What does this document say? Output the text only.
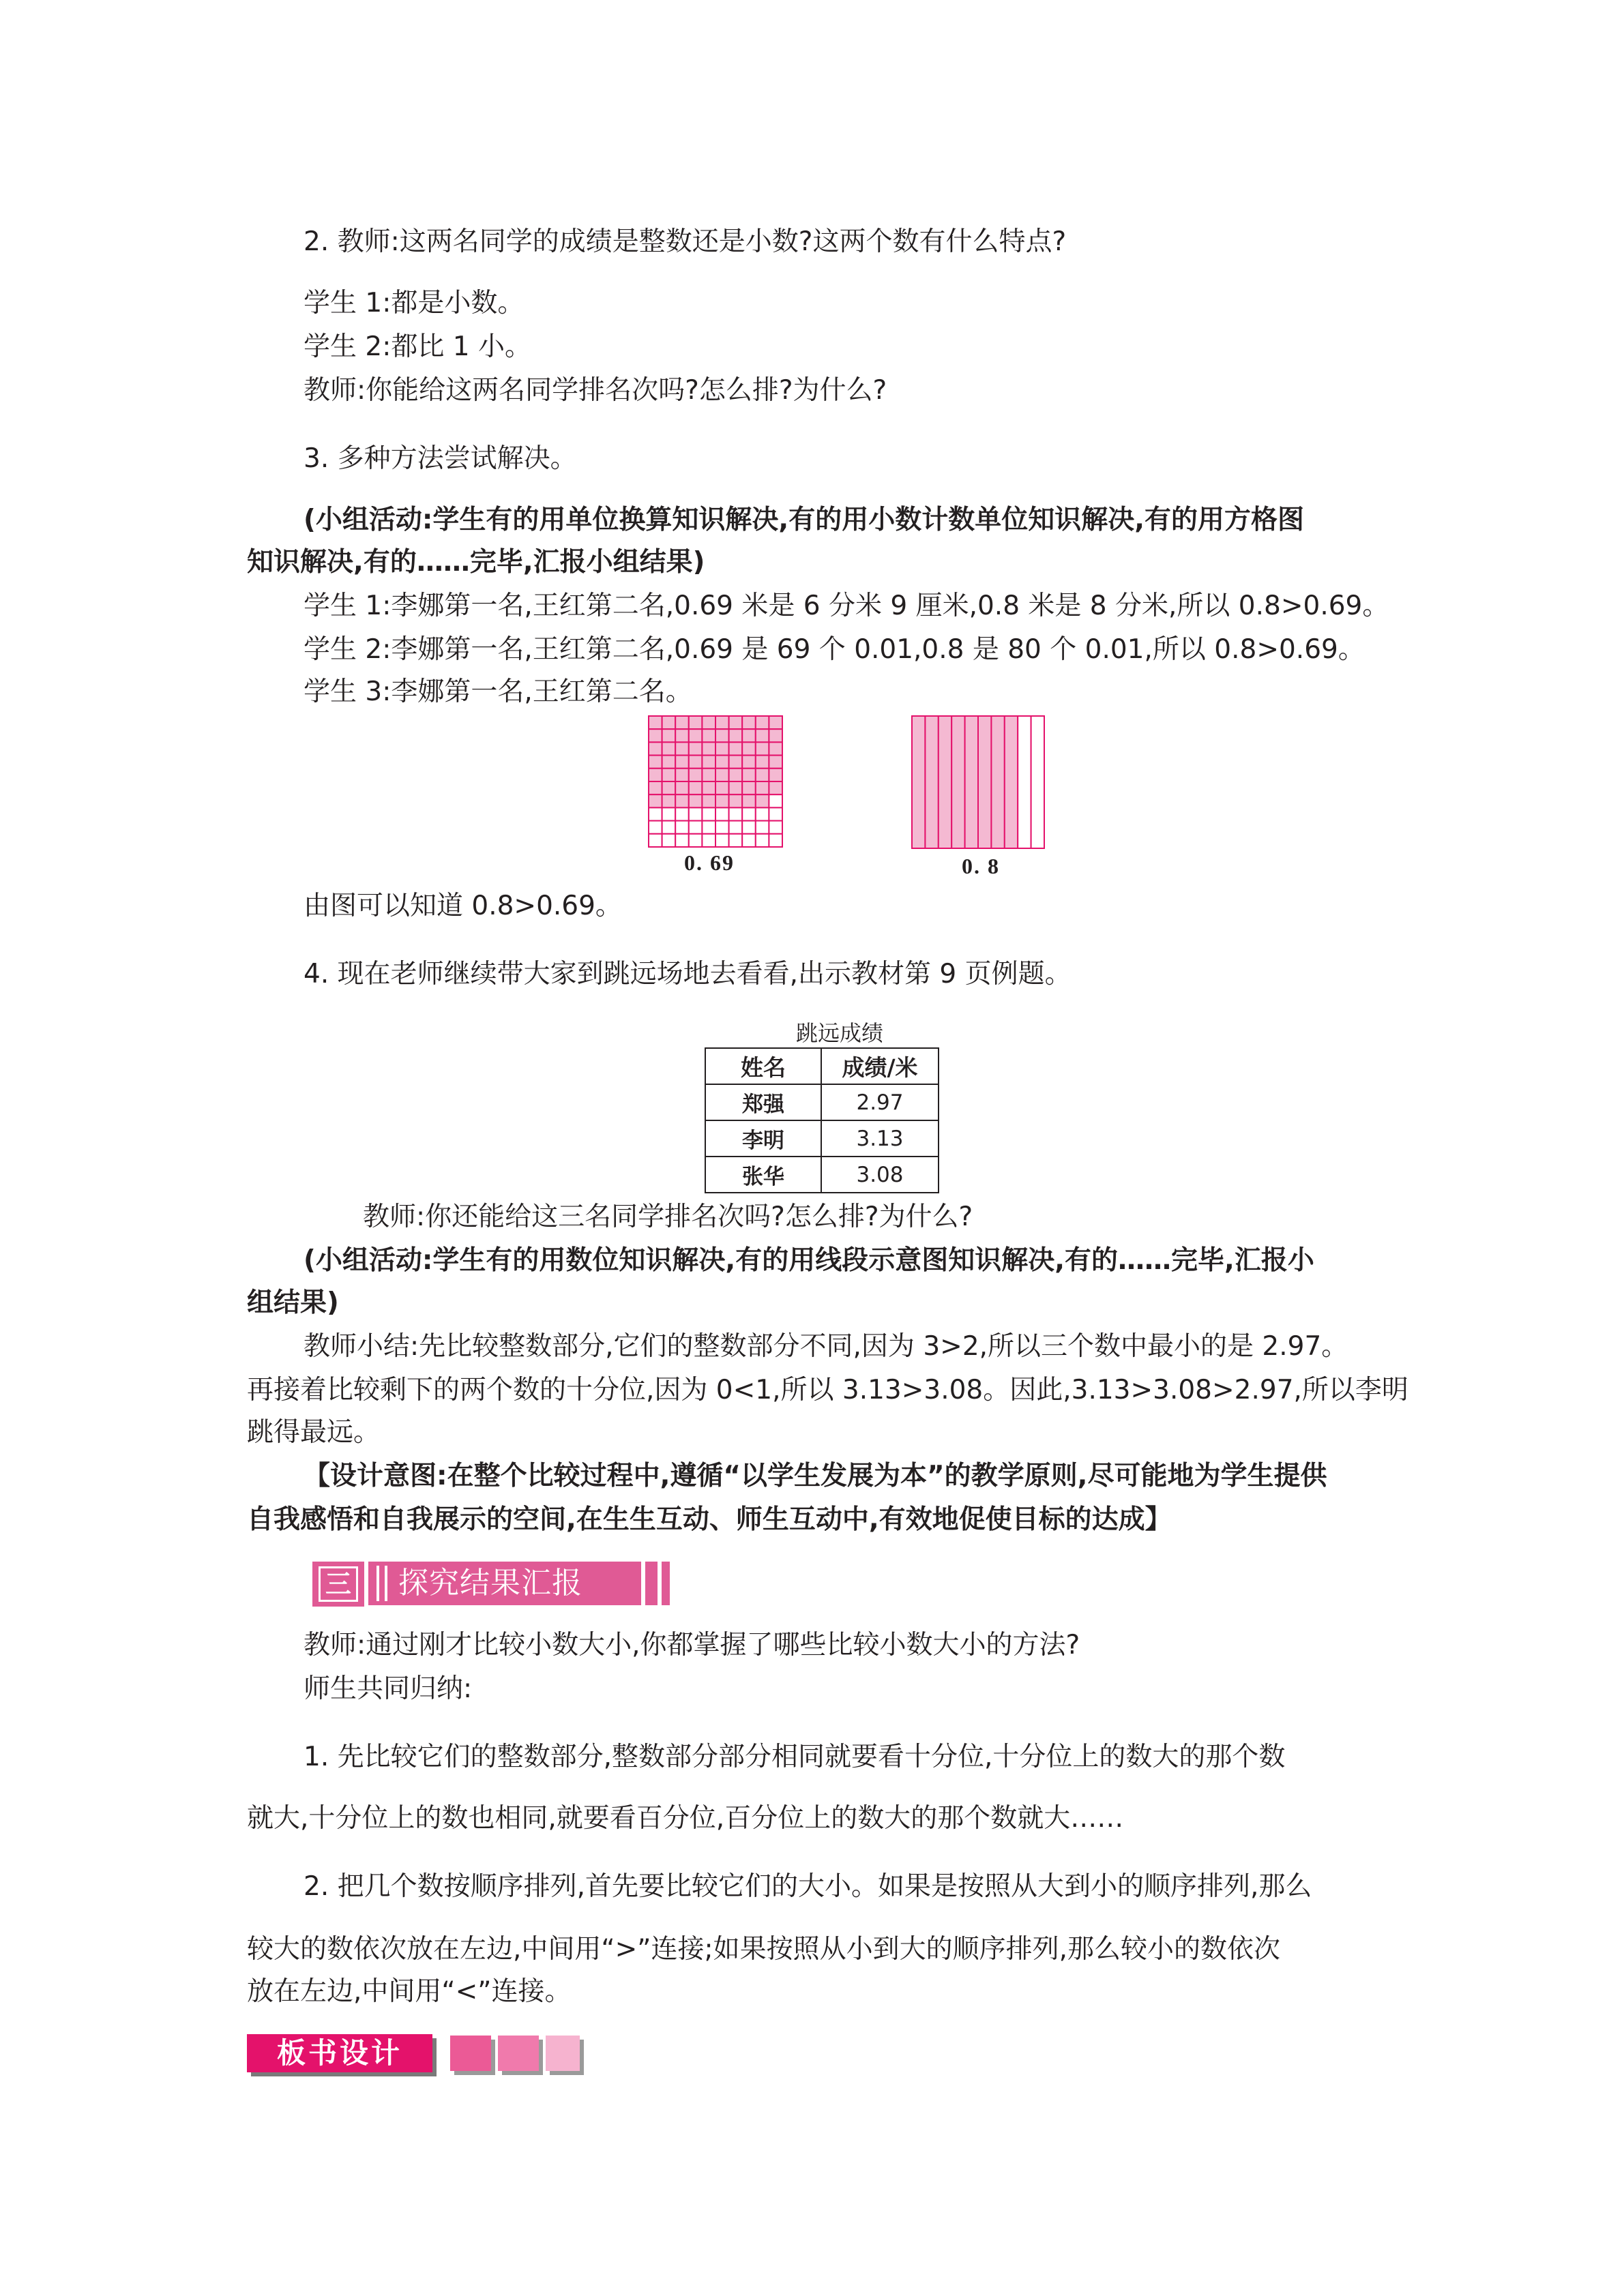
2. 教师:这两名同学的成绩是整数还是小数?这两个数有什么特点?
学生 1:都是小数。
学生 2:都比 1 小。
教师:你能给这两名同学排名次吗?怎么排?为什么?
3. 多种方法尝试解决。
(小组活动:学生有的用单位换算知识解决,有的用小数计数单位知识解决,有的用方格图
知识解决,有的……完毕,汇报小组结果)
学生 1:李娜第一名,王红第二名,0.69 米是 6 分米 9 厘米,0.8 米是 8 分米,所以 0.8>0.69。
学生 2:李娜第一名,王红第二名,0.69 是 69 个 0.01,0.8 是 80 个 0.01,所以 0.8>0.69。
学生 3:李娜第一名,王红第二名。
0. 69	0. 8
由图可以知道 0.8>0.69。
4. 现在老师继续带大家到跳远场地去看看,出示教材第 9 页例题。
跳远成绩
姓名	成绩/米
郑强	2.97
李明	3.13
张华	3.08
教师:你还能给这三名同学排名次吗?怎么排?为什么?
(小组活动:学生有的用数位知识解决,有的用线段示意图知识解决,有的……完毕,汇报小
组结果)
教师小结:先比较整数部分,它们的整数部分不同,因为 3>2,所以三个数中最小的是 2.97。
再接着比较剩下的两个数的十分位,因为 0<1,所以 3.13>3.08。因此,3.13>3.08>2.97,所以李明
跳得最远。
【设计意图:在整个比较过程中,遵循“以学生发展为本”的教学原则,尽可能地为学生提供
自我感悟和自我展示的空间,在生生互动、师生互动中,有效地促使目标的达成】
三 探究结果汇报
教师:通过刚才比较小数大小,你都掌握了哪些比较小数大小的方法?
师生共同归纳:
1. 先比较它们的整数部分,整数部分部分相同就要看十分位,十分位上的数大的那个数
就大,十分位上的数也相同,就要看百分位,百分位上的数大的那个数就大……
2. 把几个数按顺序排列,首先要比较它们的大小。如果是按照从大到小的顺序排列,那么
较大的数依次放在左边,中间用“>”连接;如果按照从小到大的顺序排列,那么较小的数依次
放在左边,中间用“<”连接。
板书设计
